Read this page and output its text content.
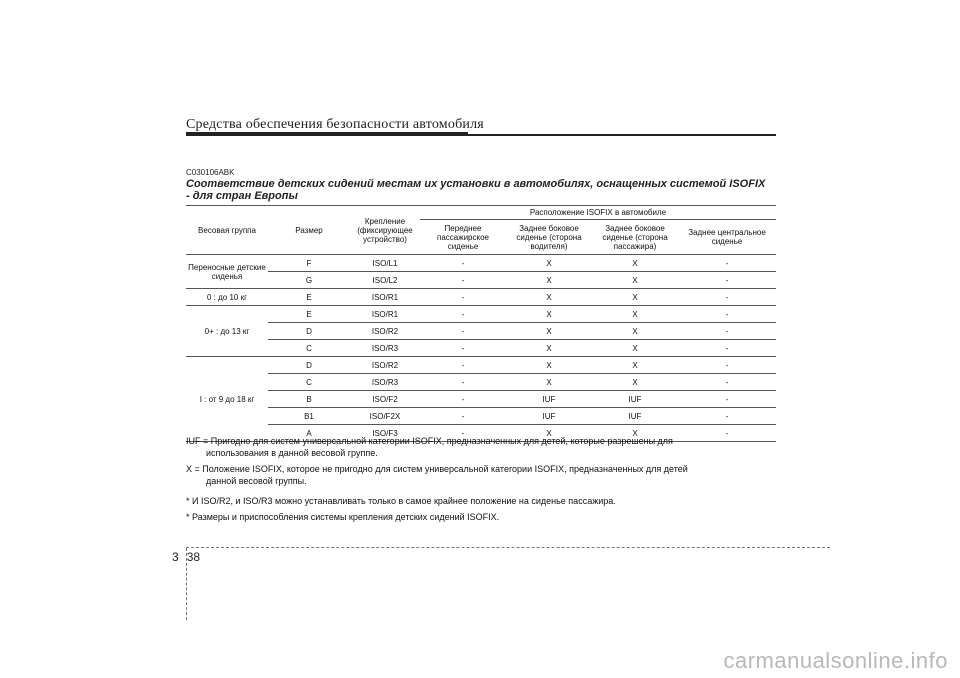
Средства обеспечения безопасности автомобиля
C030106ABK
Соответствие детских сидений местам их установки в автомобилях, оснащенных системой ISOFIX
- для стран Европы
Весовая группа	Размер	Крепление (фиксирующее устройство)	Расположение ISOFIX в автомобиле			
			Переднее пассажирское сиденье	Заднее боковое сиденье (сторона водителя)	Заднее боковое сиденье (сторона пассажира)	Заднее центральное сиденье
Переносные детские сиденья	F	ISO/L1	-	X	X	-
	G	ISO/L2	-	X	X	-
0 : до 10 кг	E	ISO/R1	-	X	X	-
0+ : до 13 кг	E	ISO/R1	-	X	X	-
	D	ISO/R2	-	X	X	-
	C	ISO/R3	-	X	X	-
I : от 9 до 18 кг	D	ISO/R2	-	X	X	-
	C	ISO/R3	-	X	X	-
	B	ISO/F2	-	IUF	IUF	-
	B1	ISO/F2X	-	IUF	IUF	-
	A	ISO/F3	-	X	X	-

IUF = Пригодно для систем универсальной категории ISOFIX, предназначенных для детей, которые разрешены для
использования в данной весовой группе.

X = Положение ISOFIX, которое не пригодно для систем универсальной категории ISOFIX, предназначенных для детей
данной весовой группы.

* И ISO/R2, и ISO/R3 можно устанавливать только в самое крайнее положение на сиденье пассажира.

* Размеры и приспособления системы крепления детских сидений ISOFIX.

3 38
carmanualsonline.info
